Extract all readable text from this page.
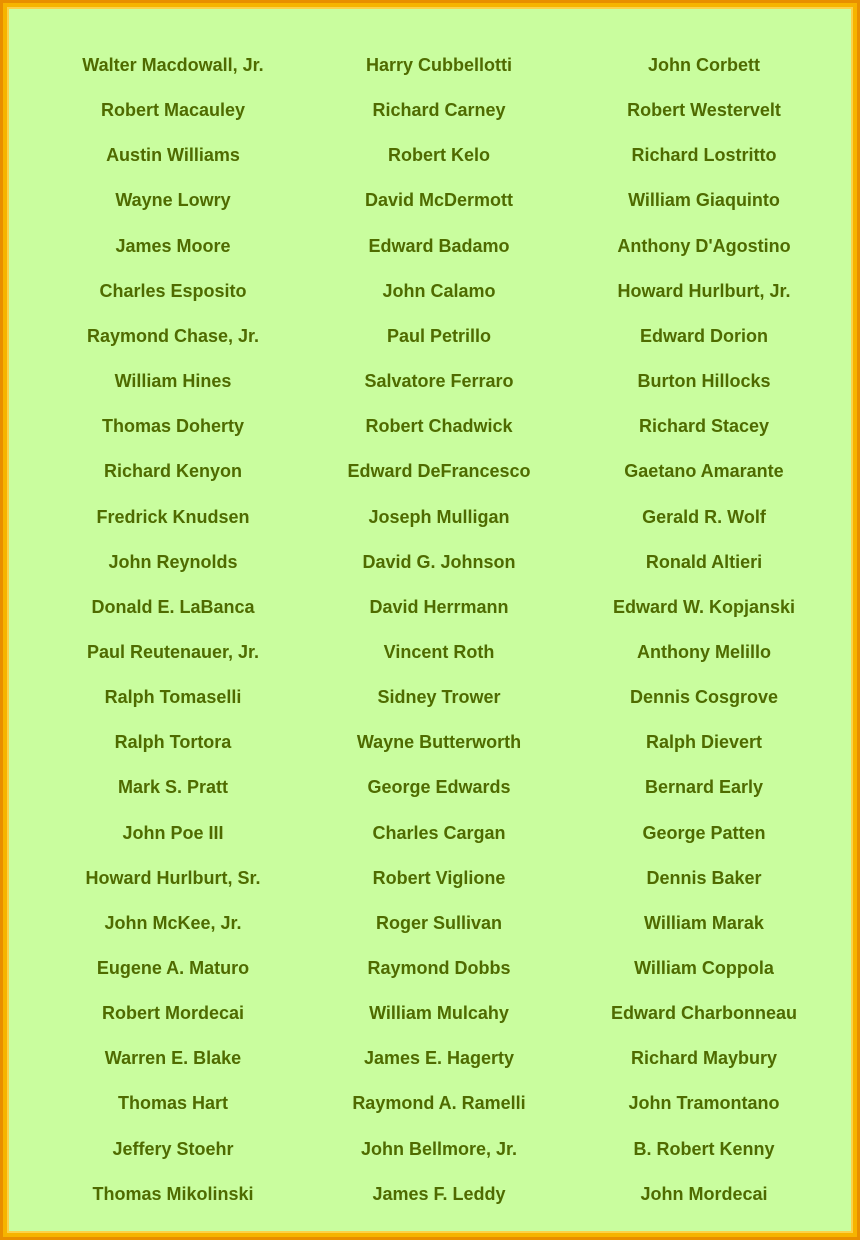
Walter Macdowall, Jr.	Harry Cubbellotti	John Corbett
Robert Macauley	Richard Carney	Robert Westervelt
Austin Williams	Robert Kelo	Richard Lostritto
Wayne Lowry	David McDermott	William Giaquinto
James Moore	Edward Badamo	Anthony D'Agostino
Charles Esposito	John Calamo	Howard Hurlburt, Jr.
Raymond Chase, Jr.	Paul Petrillo	Edward Dorion
William Hines	Salvatore Ferraro	Burton Hillocks
Thomas Doherty	Robert Chadwick	Richard Stacey
Richard Kenyon	Edward DeFrancesco	Gaetano Amarante
Fredrick Knudsen	Joseph Mulligan	Gerald R. Wolf
John Reynolds	David G. Johnson	Ronald Altieri
Donald E. LaBanca	David Herrmann	Edward W. Kopjanski
Paul Reutenauer, Jr.	Vincent Roth	Anthony Melillo
Ralph Tomaselli	Sidney Trower	Dennis Cosgrove
Ralph Tortora	Wayne Butterworth	Ralph Dievert
Mark S. Pratt	George Edwards	Bernard Early
John Poe III	Charles Cargan	George Patten
Howard Hurlburt, Sr.	Robert Viglione	Dennis Baker
John McKee, Jr.	Roger Sullivan	William Marak
Eugene A. Maturo	Raymond Dobbs	William Coppola
Robert Mordecai	William Mulcahy	Edward Charbonneau
Warren E. Blake	James E. Hagerty	Richard Maybury
Thomas Hart	Raymond A. Ramelli	John Tramontano
Jeffery Stoehr	John Bellmore, Jr.	B. Robert Kenny
Thomas Mikolinski	James F. Leddy	John Mordecai
